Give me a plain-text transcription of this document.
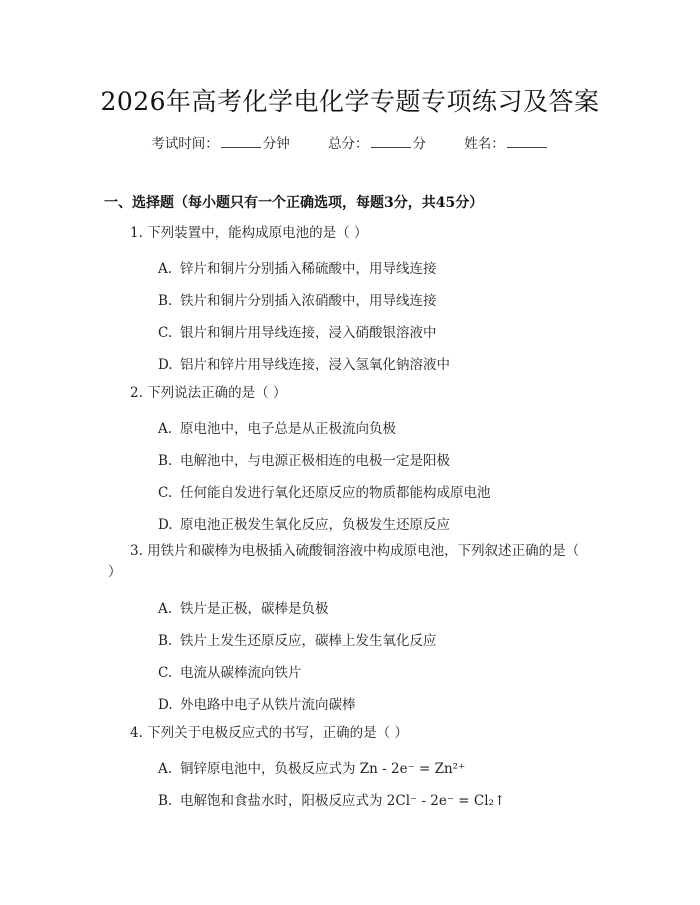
2026年高考化学电化学专题专项练习及答案
考试时间：	分钟	总分：	分	姓名：
一、选择题（每小题只有一个正确选项，每题3分，共45分）
1. 下列装置中，能构成原电池的是（ ）
A. 锌片和铜片分别插入稀硫酸中，用导线连接
B. 铁片和铜片分别插入浓硝酸中，用导线连接
C. 银片和铜片用导线连接，浸入硝酸银溶液中
D. 铝片和锌片用导线连接，浸入氢氧化钠溶液中
2. 下列说法正确的是（ ）
A. 原电池中，电子总是从正极流向负极
B. 电解池中，与电源正极相连的电极一定是阳极
C. 任何能自发进行氧化还原反应的物质都能构成原电池
D. 原电池正极发生氧化反应，负极发生还原反应
3. 用铁片和碳棒为电极插入硫酸铜溶液中构成原电池，下列叙述正确的是（ ）
A. 铁片是正极，碳棒是负极
B. 铁片上发生还原反应，碳棒上发生氧化反应
C. 电流从碳棒流向铁片
D. 外电路中电子从铁片流向碳棒
4. 下列关于电极反应式的书写，正确的是（ ）
A. 铜锌原电池中，负极反应式为 Zn - 2e⁻ = Zn²⁺
B. 电解饱和食盐水时，阳极反应式为 2Cl⁻ - 2e⁻ = Cl₂↑
